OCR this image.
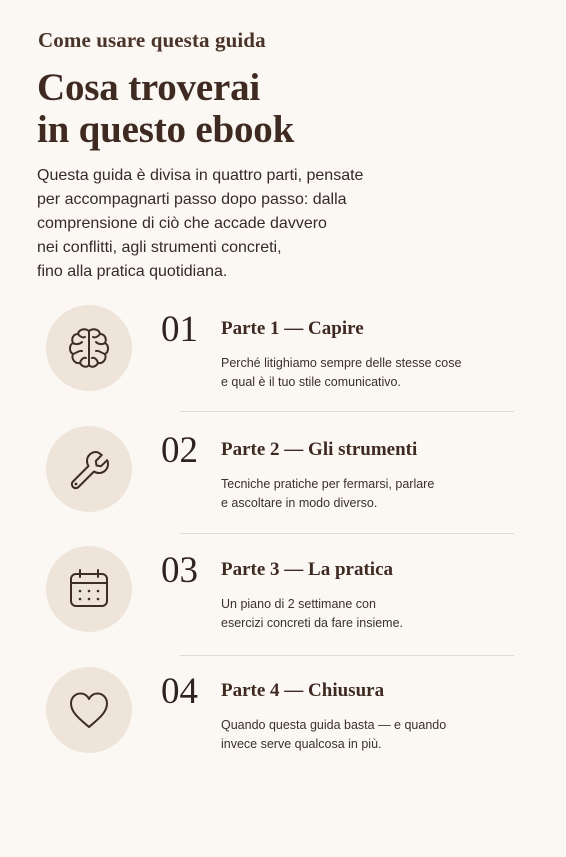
Come usare questa guida
Cosa troverai
in questo ebook
Questa guida è divisa in quattro parti, pensate
per accompagnarti passo dopo passo: dalla
comprensione di ciò che accade davvero
nei conflitti, agli strumenti concreti,
fino alla pratica quotidiana.
01 Parte 1 — Capire
Perché litighiamo sempre delle stesse cose
e qual è il tuo stile comunicativo.
02 Parte 2 — Gli strumenti
Tecniche pratiche per fermarsi, parlare
e ascoltare in modo diverso.
03 Parte 3 — La pratica
Un piano di 2 settimane con
esercizi concreti da fare insieme.
04 Parte 4 — Chiusura
Quando questa guida basta — e quando
invece serve qualcosa in più.
